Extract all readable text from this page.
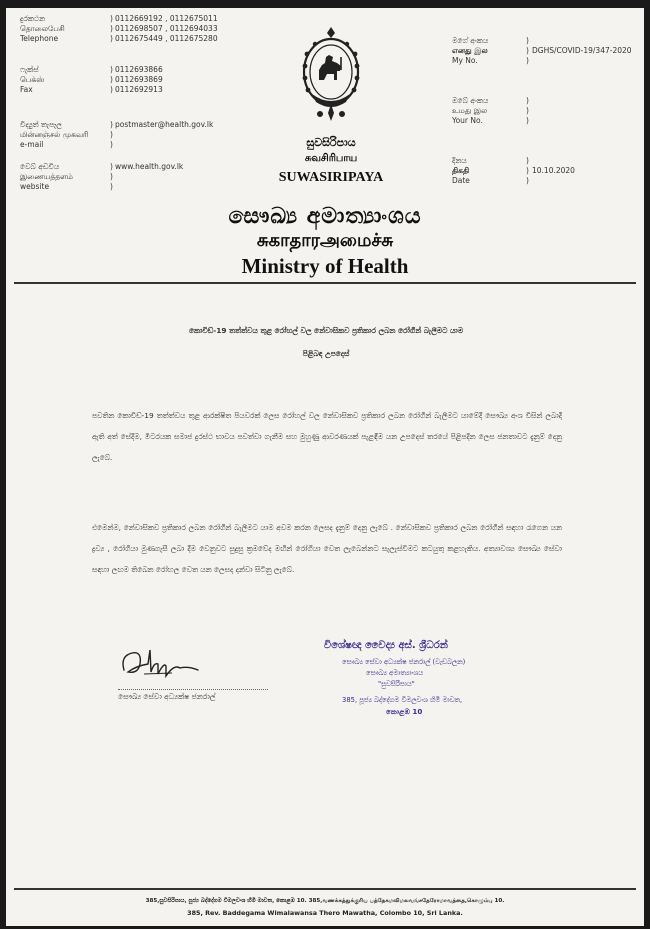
දුරකථන
தொலைபேசி
Telephone
)
)
)
0112669192 , 0112675011
0112698507 , 0112694033
0112675449 , 0112675280
ෆැක්ස්
பெக்ஸ்
Fax
)
)
)
0112693866
0112693869
0112692913
විද්‍යුත් තැපෑල
மின்னஞ்சல் முகவரி
e-mail
)
)
)
postmaster@health.gov.lk
වෙබ් අඩවිය
இணையத்தளம்
website
)
)
)
www.health.gov.lk
සුවසිරිපාය
சுவசிரிபாய
SUWASIRIPAYA
මගේ අංකය
எனது இல
My No.
)
)
)
DGHS/COVID-19/347-2020
ඔබේ අංකය
உமது இல
Your No.
)
)
)
දිනය
திகதி
Date
)
)
)
10.10.2020
සෞඛ්‍ය අමාත්‍යාංශය
சுகாதாரஅமைச்சு
Ministry of Health
කොවිඩ්-19 තත්ත්වය තුළ රෝහල් වල නේවාසිකව ප්‍රතිකාර ලබන රෝගීන් බැලීමට යාම
පිළිබඳ උපදෙස්
පවතින කොවිඩ්-19 තත්ත්වය තුළ ආරක්ෂිත පියවරක් ලෙස රෝහල් වල නේවාසිකව ප්‍රතිකාර ලබන රෝගීන් බැලීමට යාමේදී සෞඛ්‍ය අංශ විසින් ලබාදී ඇති අත් සේදීම, මීටරයක සමාජ දුරස්ථ භාවය පවත්වා ගැනීම සහ මුහුණු ආවරණයක් පැළඳීම යන උපදෙස් තරයේ පිළිපදින ලෙස ජනතාවට දැනුම් දෙනු ලැබේ.
එමෙන්ම, නේවාසිකව ප්‍රතිකාර ලබන රෝගීන් බැලීමට යාම අවම කරන ලෙසද දැනුම් දෙනු ලැබේ . නේවාසිකව ප්‍රතිකාර ලබන රෝගීන් සඳහා රැගෙන යන ද්‍රව්‍ය , රෝගියා මුණගැසී ලබා දීම වෙනුවට සුදුසු ක්‍රමවේද මඟින් රෝගියා වෙත ලැබෙන්නට සැලැස්වීමට කටයුතු කළහැකිය. අත්‍යාවශ්‍ය සෞඛ්‍ය සේවා සඳහා ලඟම තිබෙන රෝහල වෙත යන ලෙසද දන්වා සිටිනු ලැබේ.
සෞඛ්‍ය සේවා අධ්‍යක්ෂ ජනරාල්
විශේෂඥ වෛද්‍ය අස්. ශ්‍රීධරන්
සෞඛ්‍ය සේවා අධ්‍යක්ෂ ජනරාල් (වැඩබලන)
සෞඛ්‍ය අමාත්‍යාංශය
"සුවසිරිපාය"
385, පූජ්‍ය බද්දේගම විමලවංශ හිමි මාවත,
කොළඹ 10
385,සුවසිරිපාය, පූජ්‍ය බද්දේගම විමලවංශ හිමි මාවත, කොළඹ 10. 385,வணக்கத்துக்குரிய பத்தேகமவிமலவங்சதேரோமாவத்தை,கொழும்பு 10.
385, Rev. Baddegama Wimalawansa Thero Mawatha, Colombo 10, Sri Lanka.
